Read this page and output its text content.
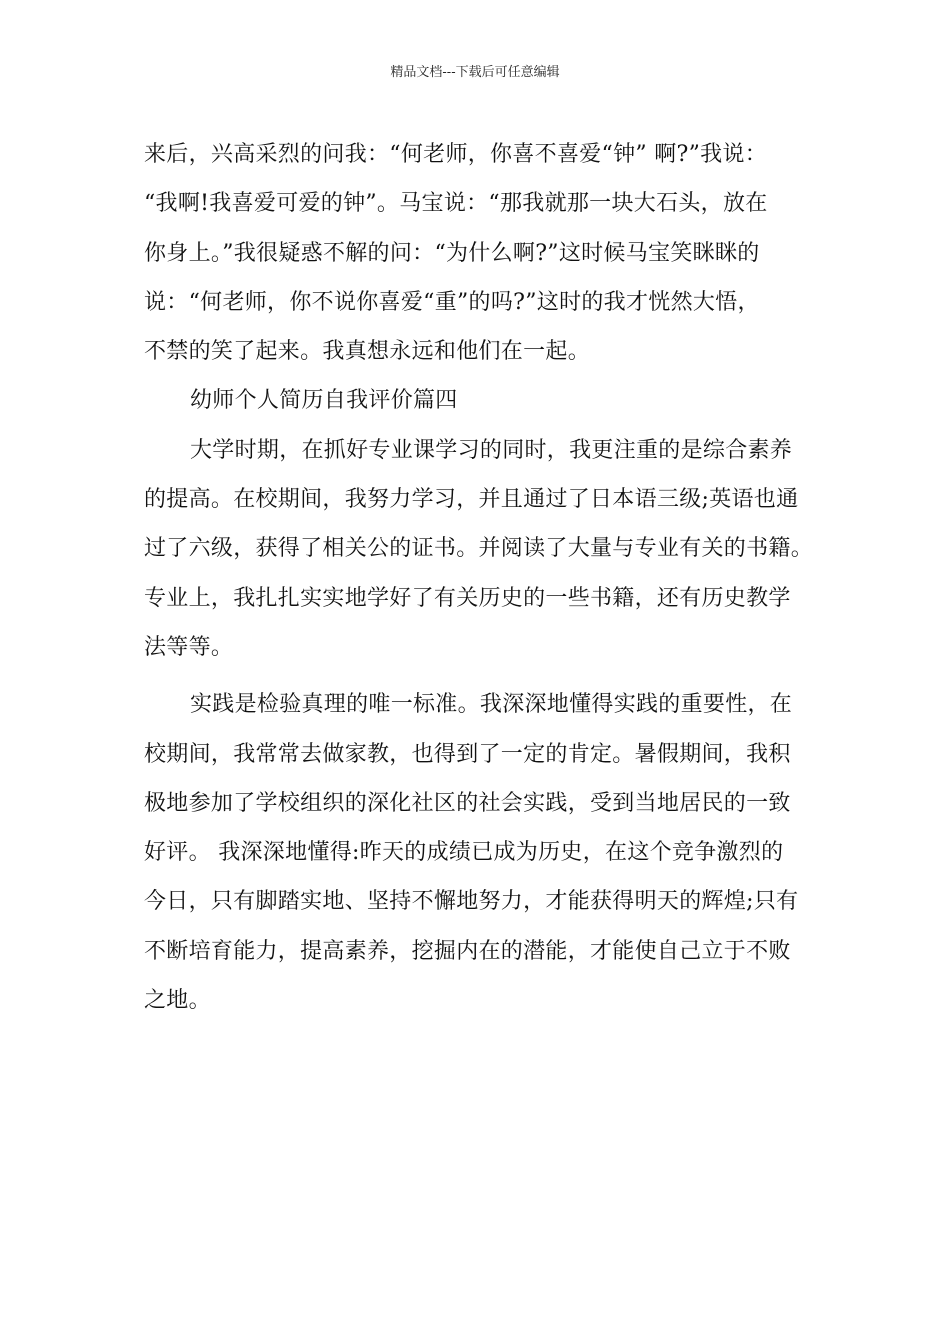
精品文档---下载后可任意编辑
来后，兴高采烈的问我：“何老师，你喜不喜爱“钟” 啊?”我说：
“我啊!我喜爱可爱的钟”。马宝说：“那我就那一块大石头，放在
你身上。”我很疑惑不解的问：“为什么啊?”这时候马宝笑眯眯的
说：“何老师，你不说你喜爱“重”的吗?”这时的我才恍然大悟，
不禁的笑了起来。我真想永远和他们在一起。
幼师个人简历自我评价篇四
大学时期，在抓好专业课学习的同时，我更注重的是综合素养
的提高。在校期间，我努力学习，并且通过了日本语三级;英语也通
过了六级，获得了相关公的证书。并阅读了大量与专业有关的书籍。
专业上，我扎扎实实地学好了有关历史的一些书籍，还有历史教学
法等等。
实践是检验真理的唯一标准。我深深地懂得实践的重要性，在
校期间，我常常去做家教，也得到了一定的肯定。暑假期间，我积
极地参加了学校组织的深化社区的社会实践，受到当地居民的一致
好评。 我深深地懂得:昨天的成绩已成为历史，在这个竞争激烈的
今日，只有脚踏实地、坚持不懈地努力，才能获得明天的辉煌;只有
不断培育能力，提高素养，挖掘内在的潜能，才能使自己立于不败
之地。
